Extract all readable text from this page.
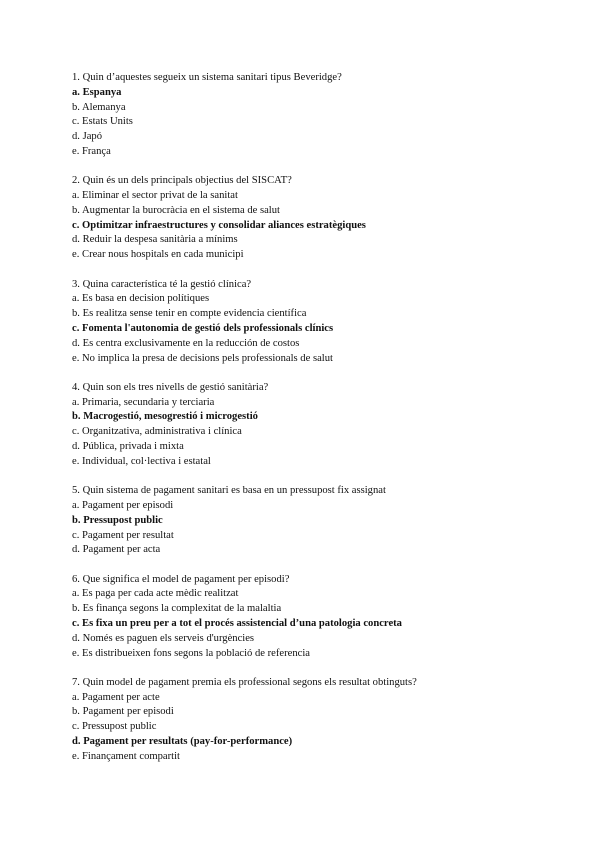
1. Quin d’aquestes segueix un sistema sanitari tipus Beveridge?
a. Espanya
b. Alemanya
c. Estats Units
d. Japó
e. França
2. Quin és un dels principals objectius del SISCAT?
a. Eliminar el sector privat de la sanitat
b. Augmentar la burocràcia en el sistema de salut
c. Optimitzar infraestructures y consolidar aliances estratègiques
d. Reduir la despesa sanitària a mínims
e. Crear nous hospitals en cada municipi
3. Quina característica té la gestió clínica?
a. Es basa en decision polítiques
b. Es realitza sense tenir en compte evidencia científica
c. Fomenta l'autonomia de gestió dels professionals clínics
d. Es centra exclusivamente en la reducción de costos
e. No implica la presa de decisions pels professionals de salut
4. Quin son els tres nivells de gestió sanitària?
a. Primaria, secundaria y terciaria
b. Macrogestió, mesogrestió i microgestió
c. Organitzativa, administrativa i clínica
d. Pública, privada i mixta
e. Individual, col·lectiva i estatal
5. Quin sistema de pagament sanitari es basa en un pressupost fix assignat
a. Pagament per episodi
b. Pressupost public
c. Pagament per resultat
d. Pagament per acta
6. Que significa el model de pagament per episodi?
a. Es paga per cada acte mèdic realitzat
b. Es finança segons la complexitat de la malaltia
c. Es fixa un preu per a tot el procés assistencial d’una patologia concreta
d. Només es paguen els serveis d'urgències
e. Es distribueixen fons segons la població de referencia
7. Quin model de pagament premia els professional segons els resultat obtinguts?
a. Pagament per acte
b. Pagament per episodi
c. Pressupost public
d. Pagament per resultats (pay-for-performance)
e. Finançament compartit
